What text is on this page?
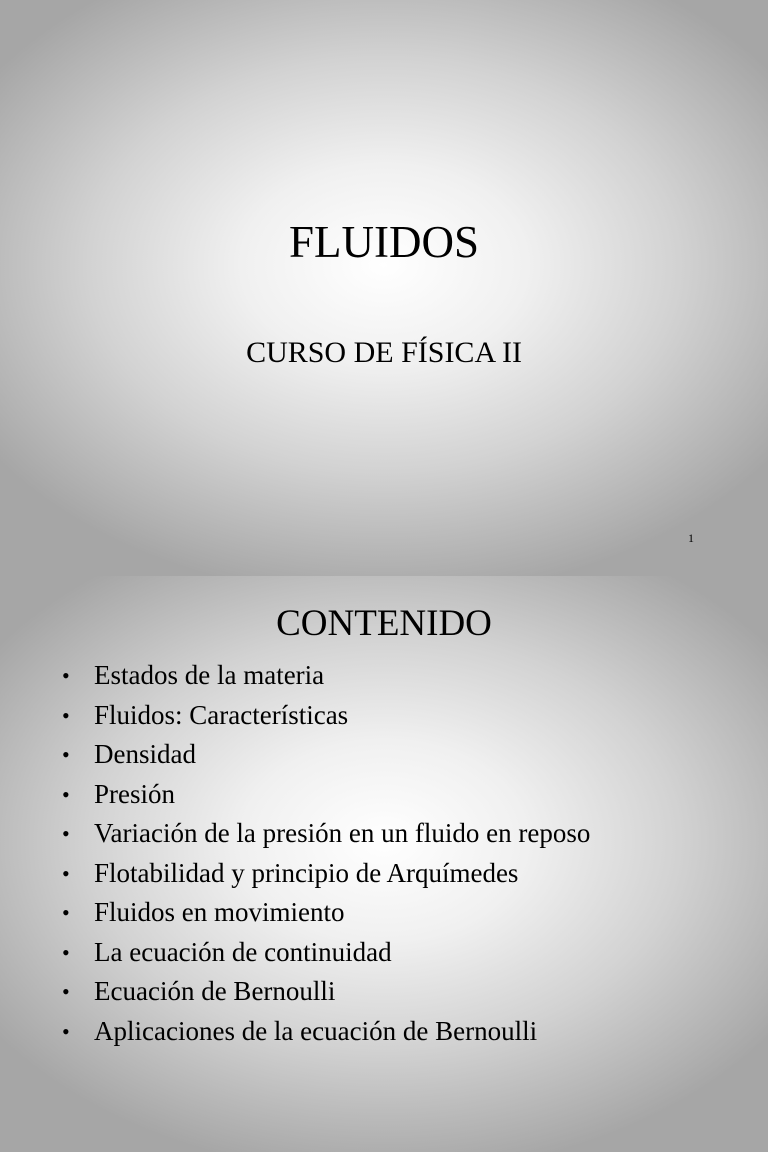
FLUIDOS
CURSO DE FÍSICA II
1
CONTENIDO
• Estados de la materia
• Fluidos: Características
• Densidad
• Presión
• Variación de la presión en un fluido en reposo
• Flotabilidad y principio de Arquímedes
• Fluidos en movimiento
• La ecuación de continuidad
• Ecuación de Bernoulli
• Aplicaciones de la ecuación de Bernoulli
